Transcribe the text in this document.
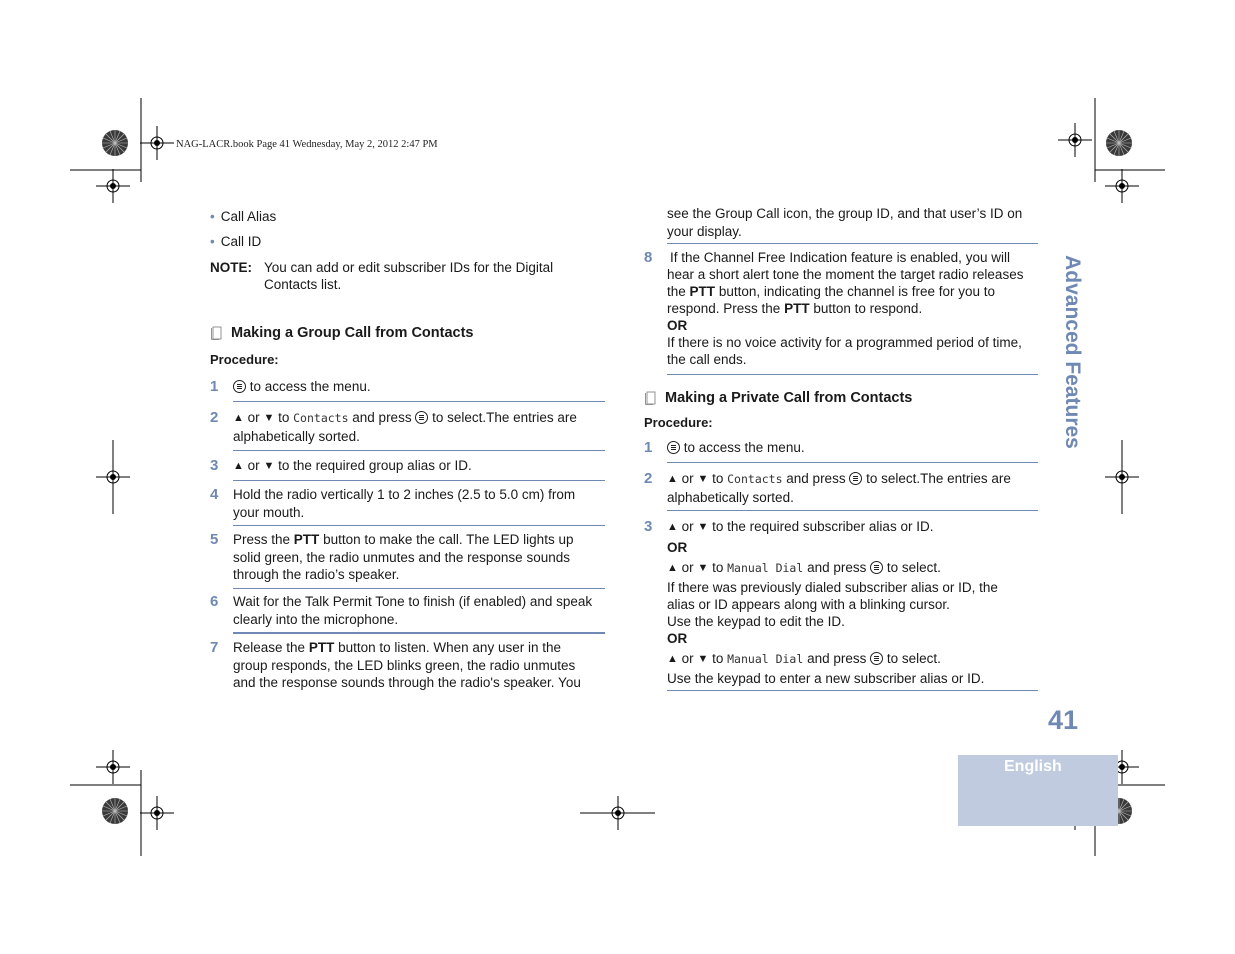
NAG-LACR.book Page 41 Wednesday, May 2, 2012 2:47 PM
• Call Alias
• Call ID
NOTE: You can add or edit subscriber IDs for the Digital
Contacts list.
Making a Group Call from Contacts
Procedure:
1	to access the menu.
2 ▲ or ▼ to Contacts and press to select.The entries are
alphabetically sorted.
3 ▲ or ▼ to the required group alias or ID.
4 Hold the radio vertically 1 to 2 inches (2.5 to 5.0 cm) from
your mouth.
5 Press the PTT button to make the call. The LED lights up
solid green, the radio unmutes and the response sounds
through the radio’s speaker.
6 Wait for the Talk Permit Tone to finish (if enabled) and speak
clearly into the microphone.
7 Release the PTT button to listen. When any user in the
group responds, the LED blinks green, the radio unmutes
and the response sounds through the radio's speaker. You
see the Group Call icon, the group ID, and that user’s ID on
your display.
8 If the Channel Free Indication feature is enabled, you will
hear a short alert tone the moment the target radio releases
the PTT button, indicating the channel is free for you to
respond. Press the PTT button to respond.
OR
If there is no voice activity for a programmed period of time,
the call ends.
Making a Private Call from Contacts
Procedure:
1	to access the menu.
2 ▲ or ▼ to Contacts and press to select.The entries are
alphabetically sorted.
3 ▲ or ▼ to the required subscriber alias or ID.
OR
▲ or ▼ to Manual Dial and press to select.
If there was previously dialed subscriber alias or ID, the
alias or ID appears along with a blinking cursor.
Use the keypad to edit the ID.
OR
▲ or ▼ to Manual Dial and press to select.
Use the keypad to enter a new subscriber alias or ID.
Advanced Features
41
English
